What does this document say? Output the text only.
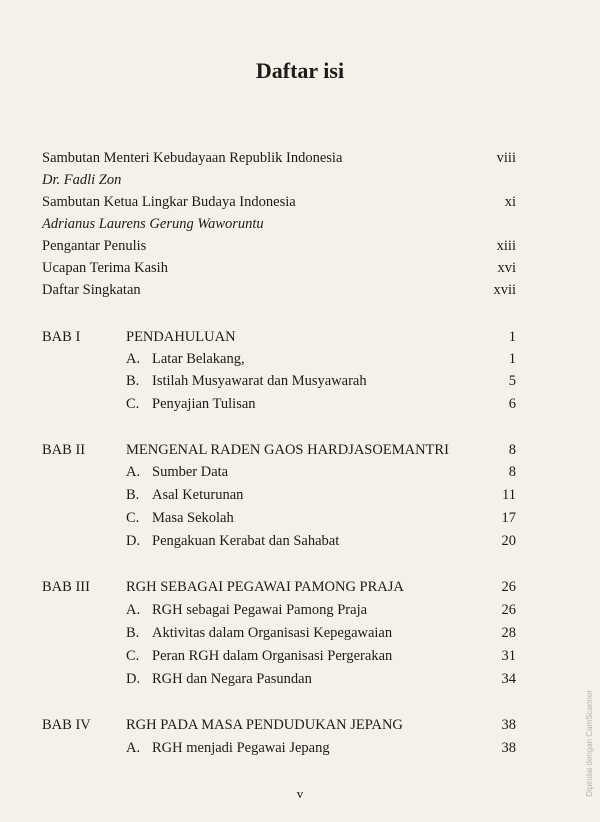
Daftar isi
Sambutan Menteri Kebudayaan Republik Indonesia	viii
Dr. Fadli Zon
Sambutan Ketua Lingkar Budaya Indonesia	xi
Adrianus Laurens Gerung Waworuntu
Pengantar Penulis	xiii
Ucapan Terima Kasih	xvi
Daftar Singkatan	xvii
BAB I	PENDAHULUAN	1
A. Latar Belakang,	1
B. Istilah Musyawarat dan Musyawarah	5
C. Penyajian Tulisan	6
BAB II	MENGENAL RADEN GAOS HARDJASOEMANTRI	8
A. Sumber Data	8
B. Asal Keturunan	11
C. Masa Sekolah	17
D. Pengakuan Kerabat dan Sahabat	20
BAB III RGH SEBAGAI PEGAWAI PAMONG PRAJA	26
A. RGH sebagai Pegawai Pamong Praja	26
B. Aktivitas dalam Organisasi Kepegawaian	28
C. Peran RGH dalam Organisasi Pergerakan	31
D. RGH dan Negara Pasundan	34
BAB IV RGH PADA MASA PENDUDUKAN JEPANG	38
A. RGH menjadi Pegawai Jepang	38
v	Dipindai dengan CamScanner
